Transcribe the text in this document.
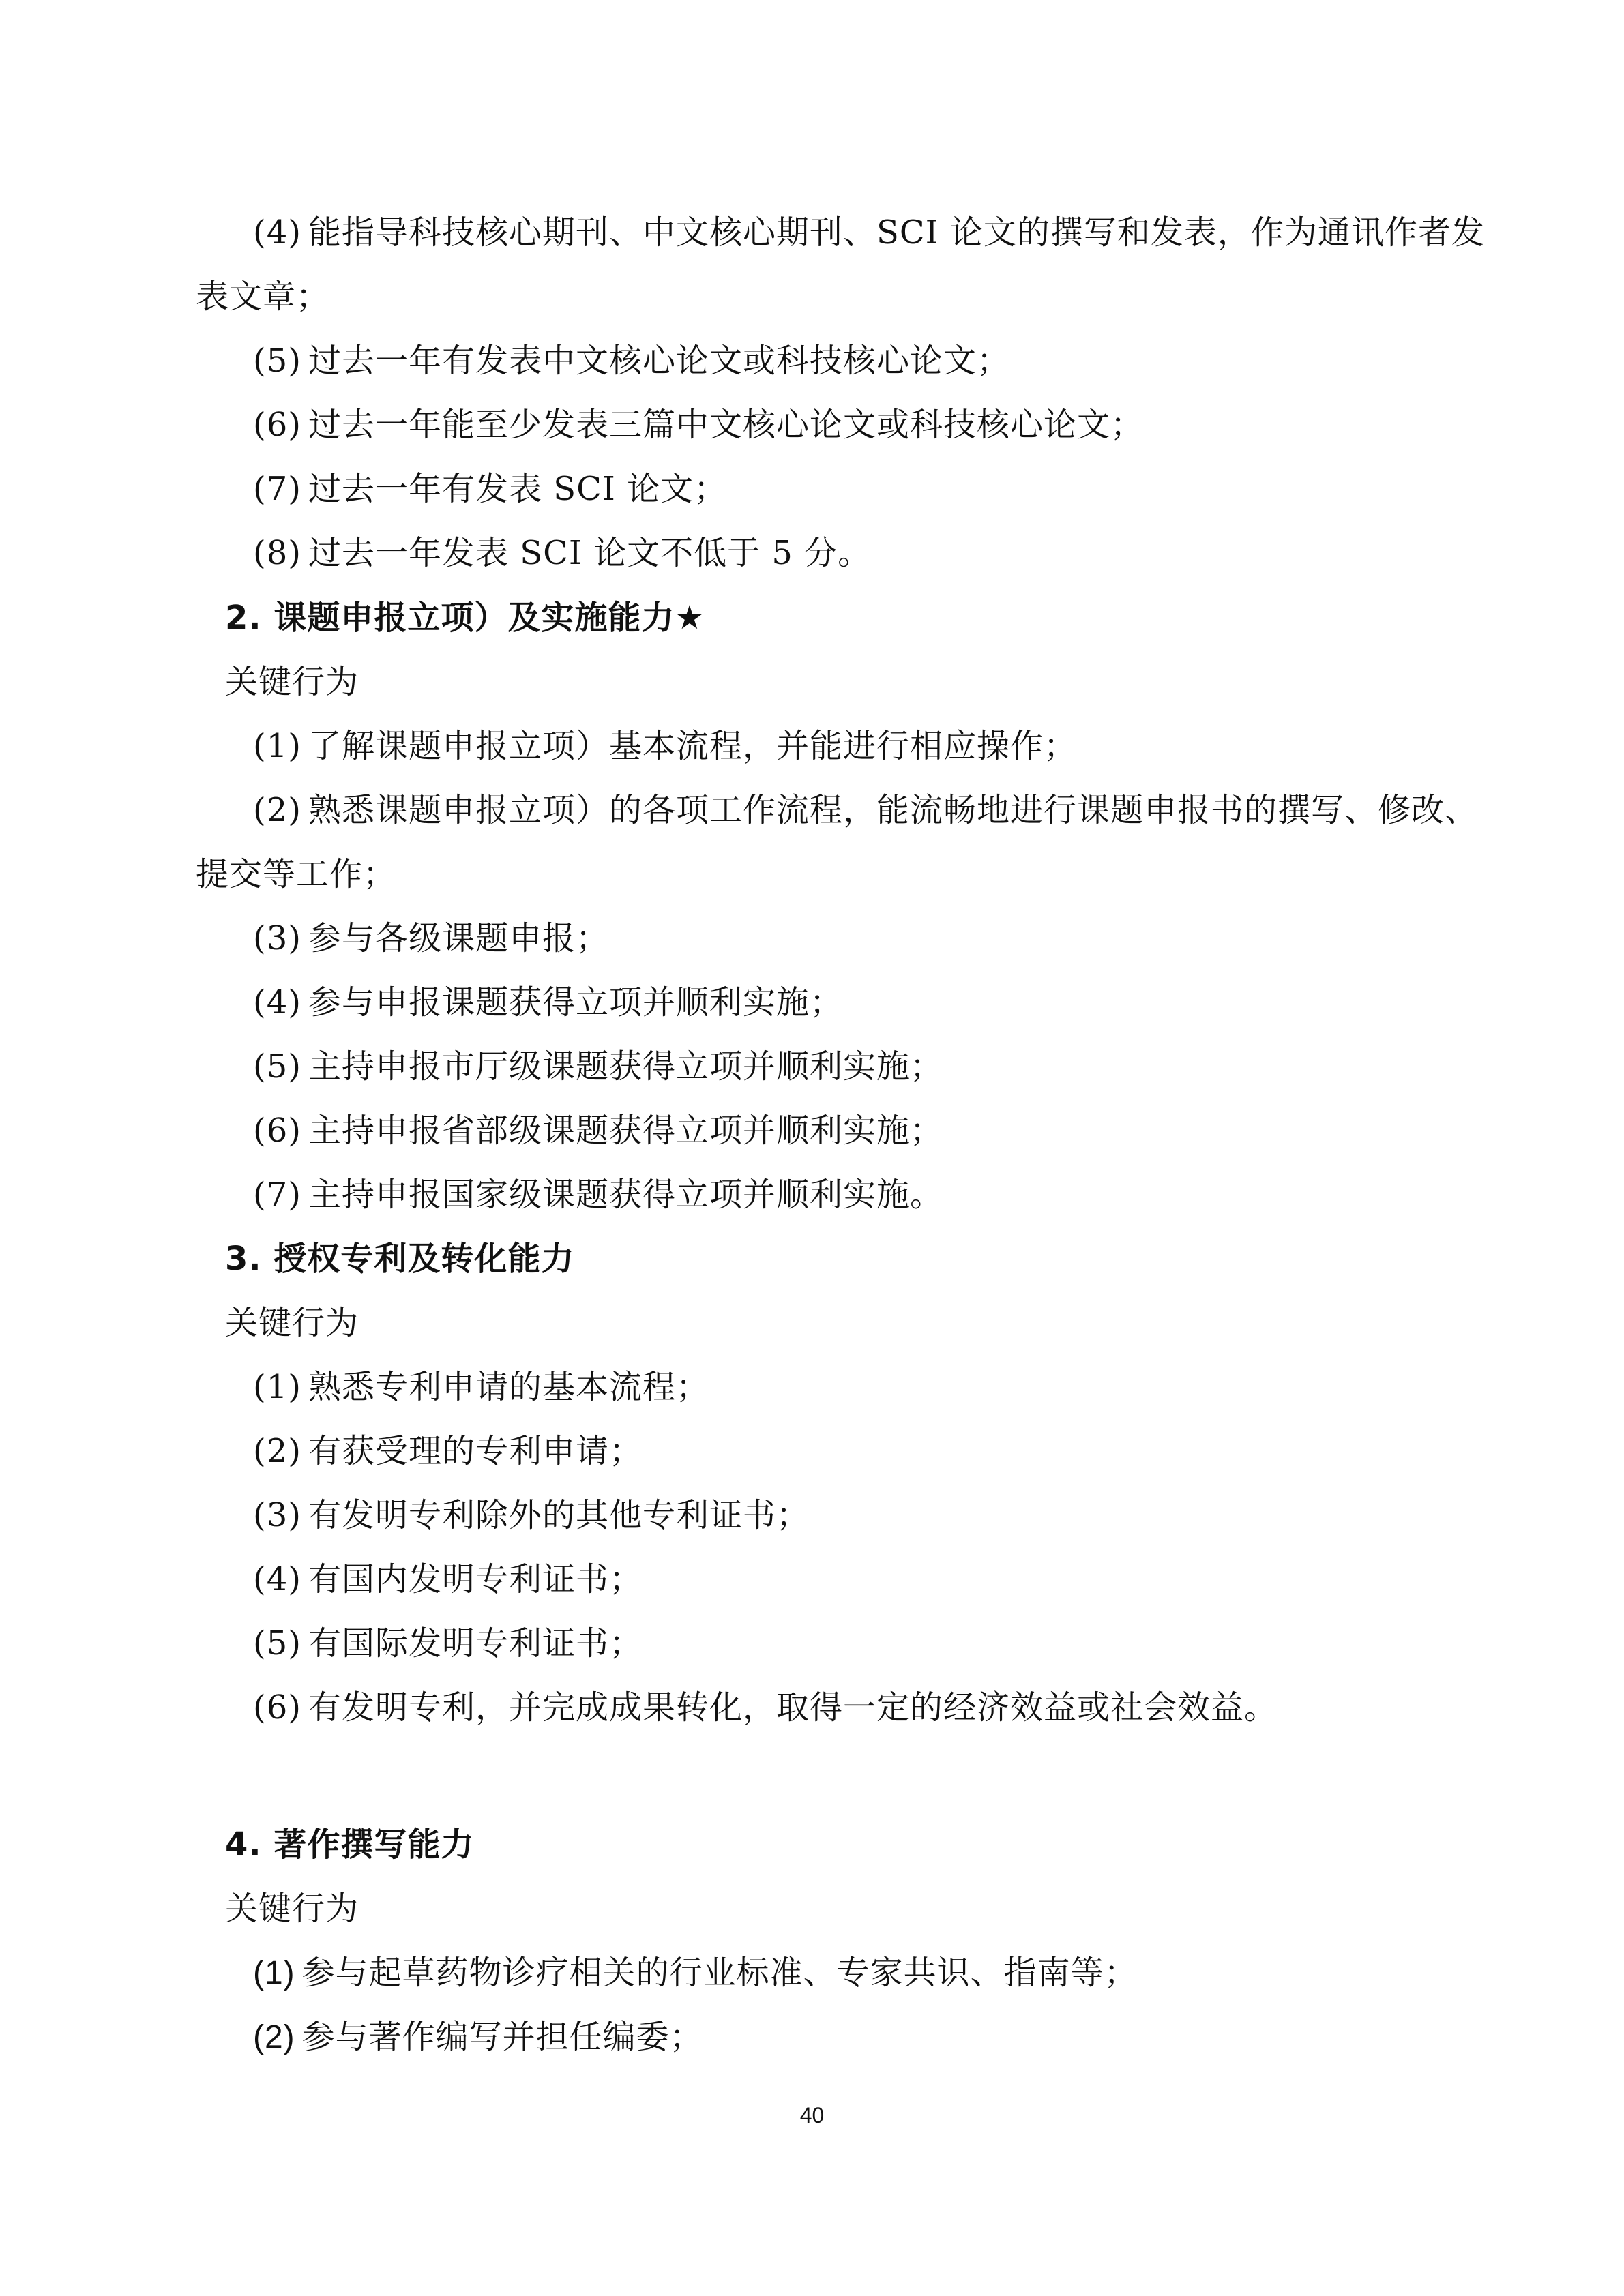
(4) 能指导科技核心期刊、中文核心期刊、SCI 论文的撰写和发表，作为通讯作者发
表文章；
(5) 过去一年有发表中文核心论文或科技核心论文；
(6) 过去一年能至少发表三篇中文核心论文或科技核心论文；
(7) 过去一年有发表 SCI 论文；
(8) 过去一年发表 SCI 论文不低于 5 分。
2. 课题申报立项）及实施能力★
关键行为
(1) 了解课题申报立项）基本流程，并能进行相应操作；
(2) 熟悉课题申报立项）的各项工作流程，能流畅地进行课题申报书的撰写、修改、
提交等工作；
(3) 参与各级课题申报；
(4) 参与申报课题获得立项并顺利实施；
(5) 主持申报市厅级课题获得立项并顺利实施；
(6) 主持申报省部级课题获得立项并顺利实施；
(7) 主持申报国家级课题获得立项并顺利实施。
3. 授权专利及转化能力
关键行为
(1) 熟悉专利申请的基本流程；
(2) 有获受理的专利申请；
(3) 有发明专利除外的其他专利证书；
(4) 有国内发明专利证书；
(5) 有国际发明专利证书；
(6) 有发明专利，并完成成果转化，取得一定的经济效益或社会效益。
4. 著作撰写能力
关键行为
(1) 参与起草药物诊疗相关的行业标准、专家共识、指南等；
(2) 参与著作编写并担任编委；
40
